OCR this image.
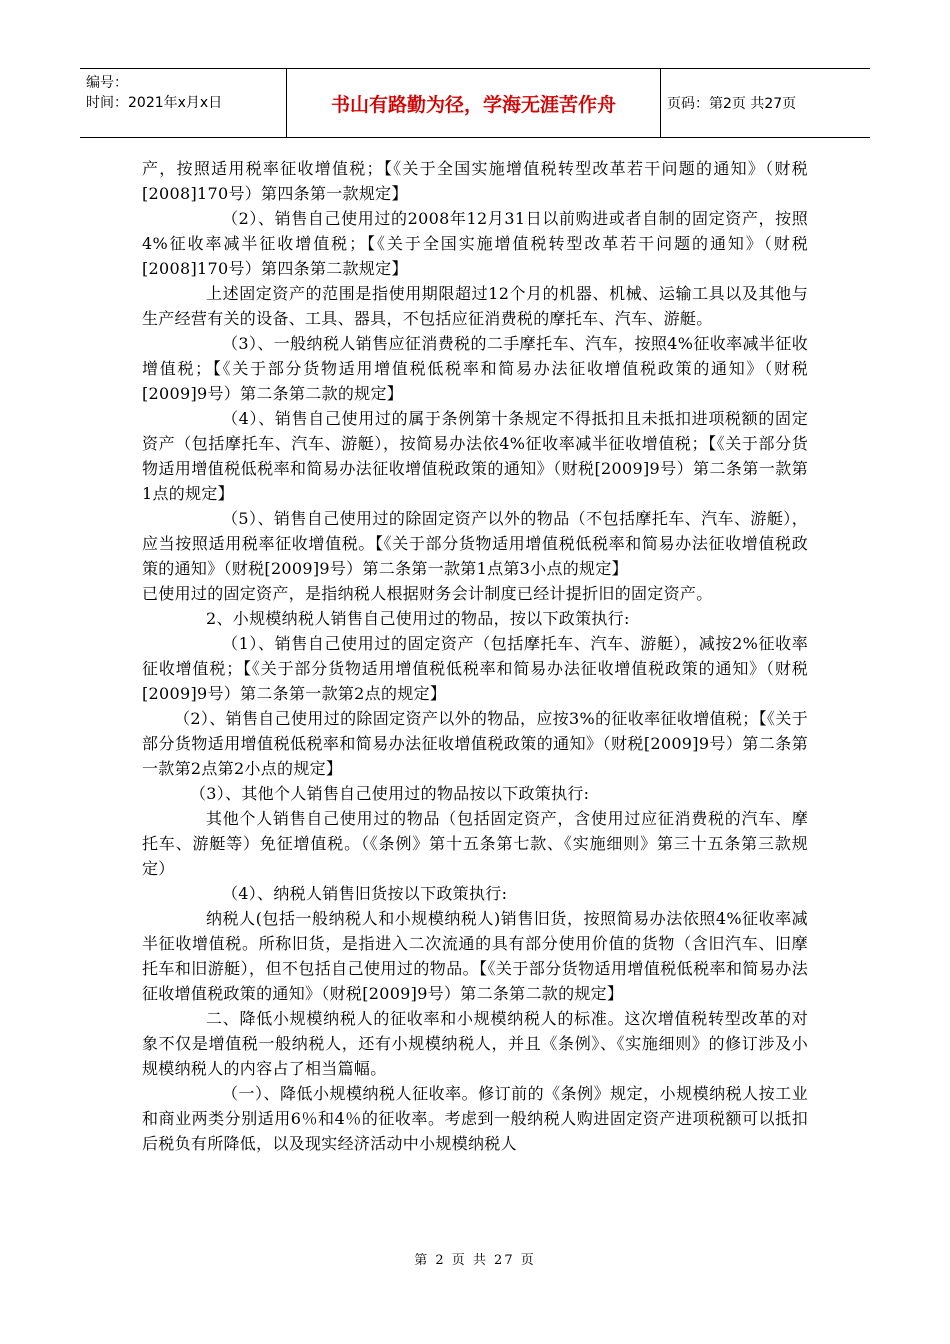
编号：
时间：2021年x月x日	书山有路勤为径，学海无涯苦作舟	页码：第2页 共27页

产，按照适用税率征收增值税；【《关于全国实施增值税转型改革若干问题的通知》（财税[2008]170号）第四条第一款规定】

（2）、销售自己使用过的2008年12月31日以前购进或者自制的固定资产，按照4%征收率减半征收增值税；【《关于全国实施增值税转型改革若干问题的通知》（财税[2008]170号）第四条第二款规定】

上述固定资产的范围是指使用期限超过12个月的机器、机械、运输工具以及其他与生产经营有关的设备、工具、器具，不包括应征消费税的摩托车、汽车、游艇。

（3）、一般纳税人销售应征消费税的二手摩托车、汽车，按照4%征收率减半征收增值税；【《关于部分货物适用增值税低税率和简易办法征收增值税政策的通知》（财税[2009]9号）第二条第二款的规定】

（4）、销售自己使用过的属于条例第十条规定不得抵扣且未抵扣进项税额的固定资产（包括摩托车、汽车、游艇），按简易办法依4%征收率减半征收增值税；【《关于部分货物适用增值税低税率和简易办法征收增值税政策的通知》（财税[2009]9号）第二条第一款第1点的规定】

（5）、销售自己使用过的除固定资产以外的物品（不包括摩托车、汽车、游艇），应当按照适用税率征收增值税。【《关于部分货物适用增值税低税率和简易办法征收增值税政策的通知》（财税[2009]9号）第二条第一款第1点第3小点的规定】

已使用过的固定资产，是指纳税人根据财务会计制度已经计提折旧的固定资产。

2、小规模纳税人销售自己使用过的物品，按以下政策执行:

（1）、销售自己使用过的固定资产（包括摩托车、汽车、游艇），减按2%征收率征收增值税；【《关于部分货物适用增值税低税率和简易办法征收增值税政策的通知》（财税[2009]9号）第二条第一款第2点的规定】

（2）、销售自己使用过的除固定资产以外的物品，应按3%的征收率征收增值税；【《关于部分货物适用增值税低税率和简易办法征收增值税政策的通知》（财税[2009]9号）第二条第一款第2点第2小点的规定】

（3）、其他个人销售自己使用过的物品按以下政策执行:

其他个人销售自己使用过的物品（包括固定资产，含使用过应征消费税的汽车、摩托车、游艇等）免征增值税。（《条例》第十五条第七款、《实施细则》第三十五条第三款规定）

（4）、纳税人销售旧货按以下政策执行:

纳税人(包括一般纳税人和小规模纳税人)销售旧货，按照简易办法依照4%征收率减半征收增值税。所称旧货，是指进入二次流通的具有部分使用价值的货物（含旧汽车、旧摩托车和旧游艇），但不包括自己使用过的物品。【《关于部分货物适用增值税低税率和简易办法征收增值税政策的通知》（财税[2009]9号）第二条第二款的规定】

二、降低小规模纳税人的征收率和小规模纳税人的标准。这次增值税转型改革的对象不仅是增值税一般纳税人，还有小规模纳税人，并且《条例》、《实施细则》的修订涉及小规模纳税人的内容占了相当篇幅。

（一）、降低小规模纳税人征收率。修订前的《条例》规定，小规模纳税人按工业和商业两类分别适用6％和4％的征收率。考虑到一般纳税人购进固定资产进项税额可以抵扣后税负有所降低，以及现实经济活动中小规模纳税人

第 2 页 共 27 页
